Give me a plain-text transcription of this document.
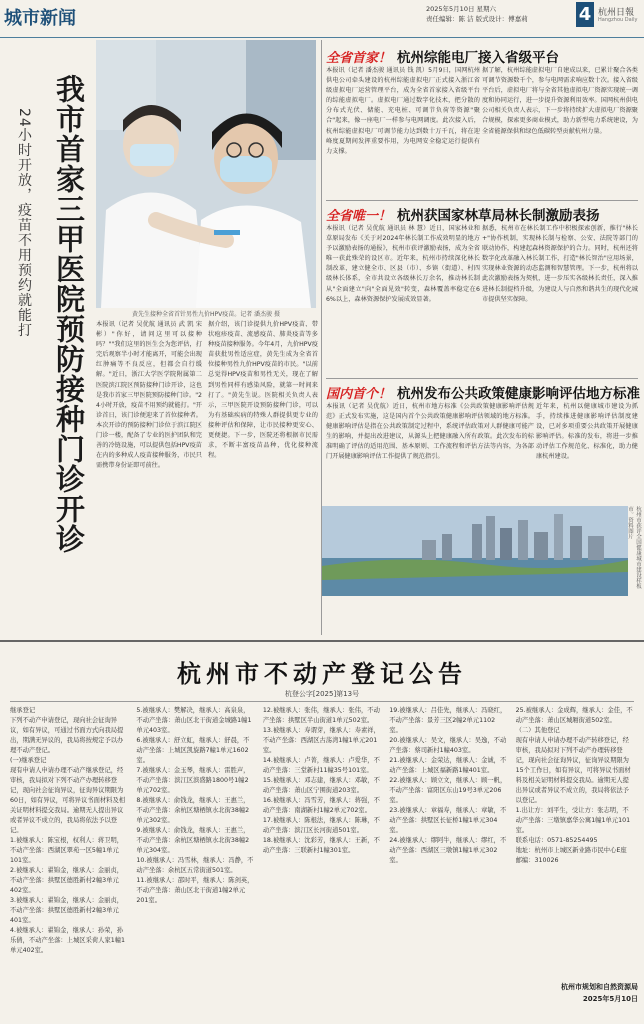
城市新闻	2025年5月10日 星期六
责任编辑：陈 洁 版式设计：傅嘉莉	4 杭州日報
Hangzhou Daily
我市首家三甲医院预防接种门诊开诊
24小时开放，疫苗不用预约就能打	黄先生接种全省首针男性九价HPV疫苗。记者 潘杰骏 摄
本报讯（记者 吴优航 通讯员 武 凯 宋 彬）"你好，请问这里可以接种吗？""我们这里的医生会为您评估，打完后观察半小时才能离开，可能会出现红肿痛等不良反应，但都会自行缓解。"近日，浙江大学医学院附属第二医院滨江院区预防接种门诊开诊，这也是我市首家三甲医院预防接种门诊。"24小时开放，疫苗不用预约就能打。"开诊首日，该门诊便迎来了首位接种者。本次开诊的预防接种门诊位于滨江院区门诊一楼，配备了专业的医护团队和完善的冷链设施，可以提供包括HPV疫苗在内的多种成人疫苗接种服务，市民只需携带身份证即可前往。
据介绍，该门诊提供九价HPV疫苗、带状疱疹疫苗、流感疫苗、肺炎疫苗等多种疫苗接种服务。今年4月，九价HPV疫苗获批男性适应症，黄先生成为全省首位接种男性九价HPV疫苗的市民。"以前总觉得HPV疫苗和男性无关，现在了解到男性同样有感染风险，就第一时间来打了。"黄先生说。医院相关负责人表示，三甲医院开设预防接种门诊，可以为有基础疾病的特殊人群提供更专业的接种评估和保障，让市民接种更安心、更便捷。下一步，医院还将根据市民需求，不断丰富疫苗品种，优化接种流程。
全省首家！ 杭州综能电厂接入省级平台
本报讯（记者 潘杰骏 通讯员 钱 凯）5月9日，国网杭州供电公司牵头建设的杭州综能虚拟电厂正式接入浙江省级虚拟电厂运营管理平台，成为全省首家接入省级平台的综能虚拟电厂。虚拟电厂通过数字化技术，把分散的分布式光伏、储能、充电桩、可调节负荷等资源"聚合"起来，像一座电厂一样参与电网调度。此次接入后，杭州综能虚拟电厂可调节能力达到数十万千瓦，将在迎峰度夏期间发挥重要作用，为电网安全稳定运行提供有力支撑。
据了解，杭州综能虚拟电厂自建成以来，已累计聚合各类可调节资源数千个，参与电网需求响应数十次。接入省级平台后，虚拟电厂将与全省其他虚拟电厂资源实现统一调度和协同运行，进一步提升资源利用效率。国网杭州供电公司相关负责人表示，下一步将持续扩大虚拟电厂资源聚合规模，探索更多商业模式，助力新型电力系统建设，为全省能源保供和绿色低碳转型贡献杭州力量。
全省唯一！ 杭州获国家林草局林长制激励表扬
本报讯（记者 吴优航 通讯员 林 慧）近日，国家林业和草原局发布《关于对2024年林长制工作成效明显的地方予以激励表扬的通报》，杭州市获评激励表扬，成为全省唯一获此殊荣的设区市。近年来，杭州市持续深化林长制改革，建立健全市、区县（市）、乡镇（街道）、村四级林长体系，全市共设立各级林长万余名，推动林长制从"全面建立"向"全面见效"转变，森林覆盖率稳定在66%以上，森林资源保护发展成效显著。
据悉，杭州市在林长制工作中积极探索创新，推行"林长+"协作机制，实现林长制与检察、公安、法院等部门的联动协作，构建起森林资源保护的合力。同时，杭州还将数字化改革融入林长制工作，打造"林长智治"应用场景，实现林业资源的动态监测和智慧管理。下一步，杭州将以此次激励表扬为契机，进一步压实各级林长责任，深入推进林长制提档升级，为建设人与自然和谐共生的现代化城市提供坚实保障。
国内首个！ 杭州发布公共政策健康影响评估地方标准
本报讯（记者 吴优航）近日，杭州市地方标准《公共政策健康影响评估规范》正式发布实施，这是国内首个公共政策健康影响评估领域的地方标准。健康影响评估是指在公共政策制定过程中，系统评估政策对人群健康可能产生的影响，并提出改进建议，从源头上把健康融入所有政策。此次发布的标准明确了评估的适用范围、基本原则、工作流程和评估方法等内容，为各部门开展健康影响评估工作提供了规范指引。
近年来，杭州以健康城市建设为抓手，持续推进健康影响评估制度建设，已对多项重要公共政策开展健康影响评估。标准的发布，将进一步推动评估工作规范化、标准化，助力健康杭州建设。
杭州市获评全国健康城市建设样板市。资料图片
杭州市不动产登记公告
杭登公字[2025]第13号
继承登记
下列不动产申请登记，现向社会征询异议，如有异议，可通过书面方式向我局提出，期满无异议的，我局将按规定予以办理不动产登记。
(一)继承登记
现有申请人申请办理不动产继承登记，经审核，我局拟对下列不动产办理转移登记，现向社会征询异议，征询异议期限为60日，如有异议，可将异议书面材料及相关证明材料提交我局。逾期无人提出异议或者异议不成立的，我局将依法予以登记。
1.被继承人：陈宝根，权利人：蒋卫明，不动产坐落：西湖区翠苑一区5幢1单元101室。
2.被继承人：翟锦金，继承人：金丽贞，不动产坐落：拱墅区德胜新村2幢3单元402室。
3.被继承人：翟锦金，继承人：金丽贞，不动产坐落：拱墅区德胜新村2幢3单元401室。
4.被继承人：翟锦金，继承人：孙荣，孙乐倩，不动产坐落：上城区采荷人家1幢1单元402室。
5.被继承人：樊解决，继承人：高泉泉，不动产坐落：萧山区北干街道金城路1幢1单元403室。
6.被继承人：舒立虹，继承人：舒晨，不动产坐落：上城区凯旋路7幢1单元1602室。
7.被继承人：金玉琴，继承人：雷胜声，不动产坐落：滨江区滨盛路1800号1幢2单元702室。
8.被继承人：俞钱龙，继承人：王惠兰，不动产坐落：余杭区塘栖镇水北街38幢2单元302室。
9.被继承人：俞钱龙，继承人：王惠兰，不动产坐落：余杭区塘栖镇水北街38幢2单元304室。
10.被继承人：冯雪林，继承人：冯静，不动产坐落：余杭区五常街道501室。
11.被继承人：邵时平，继承人：陈剑英，不动产坐落：萧山区北干街道1幢2单元201室。
12.被继承人：张伟，继承人：张伟，不动产坐落：拱墅区半山街道1单元502室。
13.被继承人：寿谓芽，继承人：寿素祥，不动产坐落：西湖区古荡湾1幢1单元201室。
14.被继承人：卢菁，继承人：卢爱华，不动产坐落：三堂新村11幢35号101室。
15.被继承人：邓志建，继承人：邓敏，不动产坐落：萧山区宁围街道203室。
16.被继承人：冯雪芳，继承人：蒋强，不动产坐落：南湖新村1幢2单元702室。
17.被继承人：陈根法，继承人：陈琳，不动产坐落：滨江区长河街道501室。
18.被继承人：沈彩芳，继承人：王新，不动产坐落：三联新村1幢301室。
19.被继承人：吕佳先，继承人：冯晓红，不动产坐落：景芳三区2幢2单元1102室。
20.被继承人：吴文，继承人：吴逸，不动产坐落：蔡司新村1幢403室。
21.被继承人：金荣达，继承人：金诚，不动产坐落：上城区福新路1幢401室。
22.被继承人：顾立文，继承人：顾一帆，不动产坐落：富阳区东山19号3单元206室。
23.被继承人：章福寿，继承人：章敏，不动产坐落：拱墅区长征桥1幢1单元304室。
24.被继承人：缪阿牛，继承人：缪红，不动产坐落：西湖区三墩镇1幢1单元302室。
25.被继承人：金成辉，继承人：金佳，不动产坐落：萧山区城厢街道502室。
（二）其他登记
现有申请人申请办理不动产转移登记，经审核，我局拟对下列不动产办理转移登记，现向社会征询异议，征询异议期限为15个工作日，如有异议，可将异议书面材料及相关证明材料提交我局。逾期无人提出异议或者异议不成立的，我局将依法予以登记。
1.出让方：刘平生，受让方：张志明，不动产坐落：三墩镇嘉华公寓1幢1单元101室。
联系电话：0571-85254495
地址：杭州市上城区新业路市民中心E座
邮编：310026
杭州市规划和自然资源局
2025年5月10日
